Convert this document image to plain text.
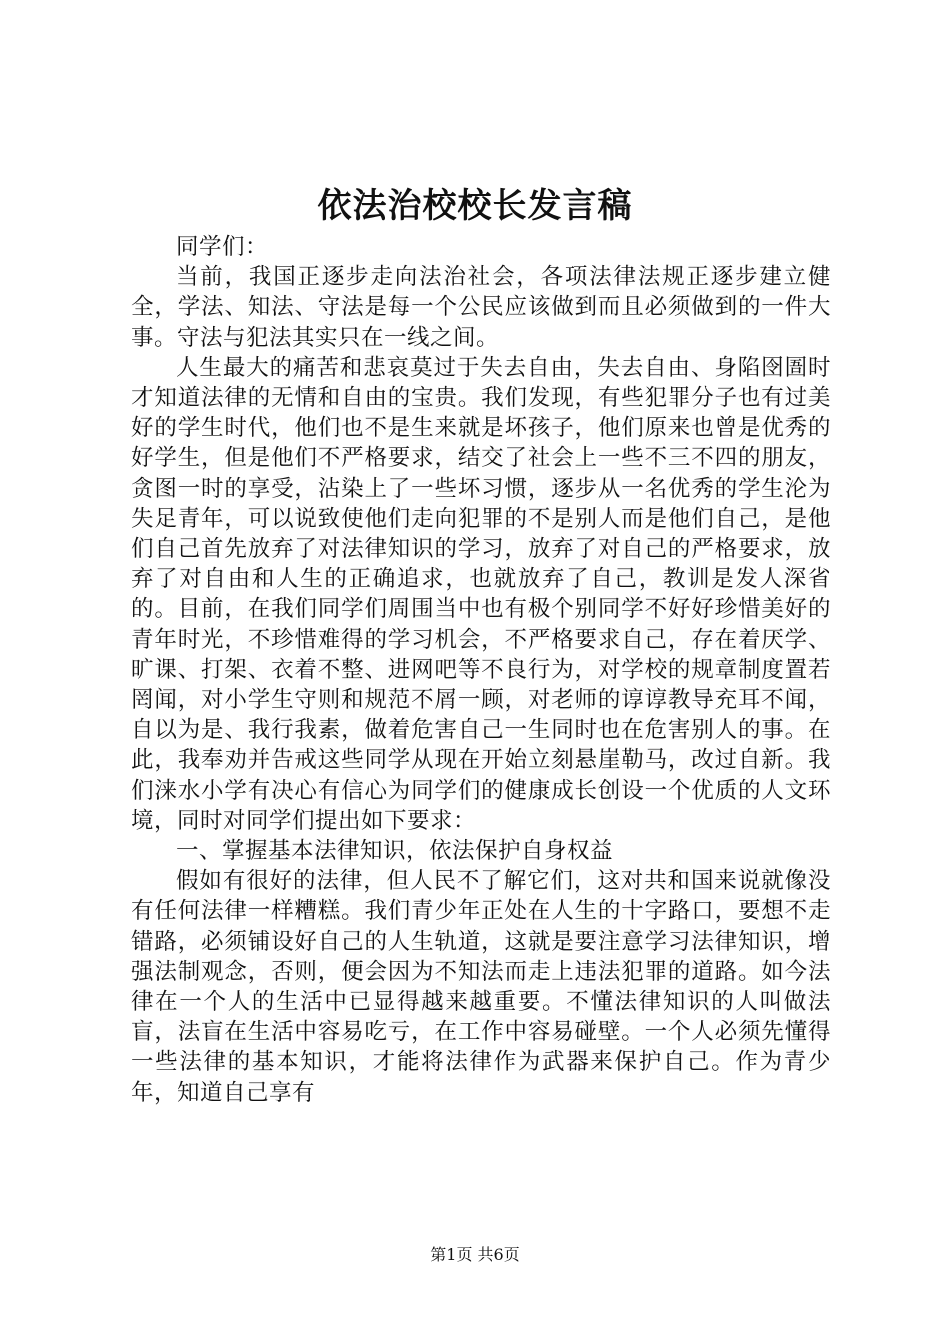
依法治校校长发言稿

同学们：

当前，我国正逐步走向法治社会，各项法律法规正逐步建立健全，学法、知法、守法是每一个公民应该做到而且必须做到的一件大事。守法与犯法其实只在一线之间。

人生最大的痛苦和悲哀莫过于失去自由，失去自由、身陷囹圄时才知道法律的无情和自由的宝贵。我们发现，有些犯罪分子也有过美好的学生时代，他们也不是生来就是坏孩子，他们原来也曾是优秀的好学生，但是他们不严格要求，结交了社会上一些不三不四的朋友，贪图一时的享受，沾染上了一些坏习惯，逐步从一名优秀的学生沦为失足青年，可以说致使他们走向犯罪的不是别人而是他们自己，是他们自己首先放弃了对法律知识的学习，放弃了对自己的严格要求，放弃了对自由和人生的正确追求，也就放弃了自己，教训是发人深省的。目前，在我们同学们周围当中也有极个别同学不好好珍惜美好的青年时光，不珍惜难得的学习机会，不严格要求自己，存在着厌学、旷课、打架、衣着不整、进网吧等不良行为，对学校的规章制度置若罔闻，对小学生守则和规范不屑一顾，对老师的谆谆教导充耳不闻，自以为是、我行我素，做着危害自己一生同时也在危害别人的事。在此，我奉劝并告戒这些同学从现在开始立刻悬崖勒马，改过自新。我们涞水小学有决心有信心为同学们的健康成长创设一个优质的人文环境，同时对同学们提出如下要求：

一、掌握基本法律知识，依法保护自身权益

假如有很好的法律，但人民不了解它们，这对共和国来说就像没有任何法律一样糟糕。我们青少年正处在人生的十字路口，要想不走错路，必须铺设好自己的人生轨道，这就是要注意学习法律知识，增强法制观念，否则，便会因为不知法而走上违法犯罪的道路。如今法律在一个人的生活中已显得越来越重要。不懂法律知识的人叫做法盲，法盲在生活中容易吃亏，在工作中容易碰壁。一个人必须先懂得一些法律的基本知识，才能将法律作为武器来保护自己。作为青少年，知道自己享有

第1页 共6页
